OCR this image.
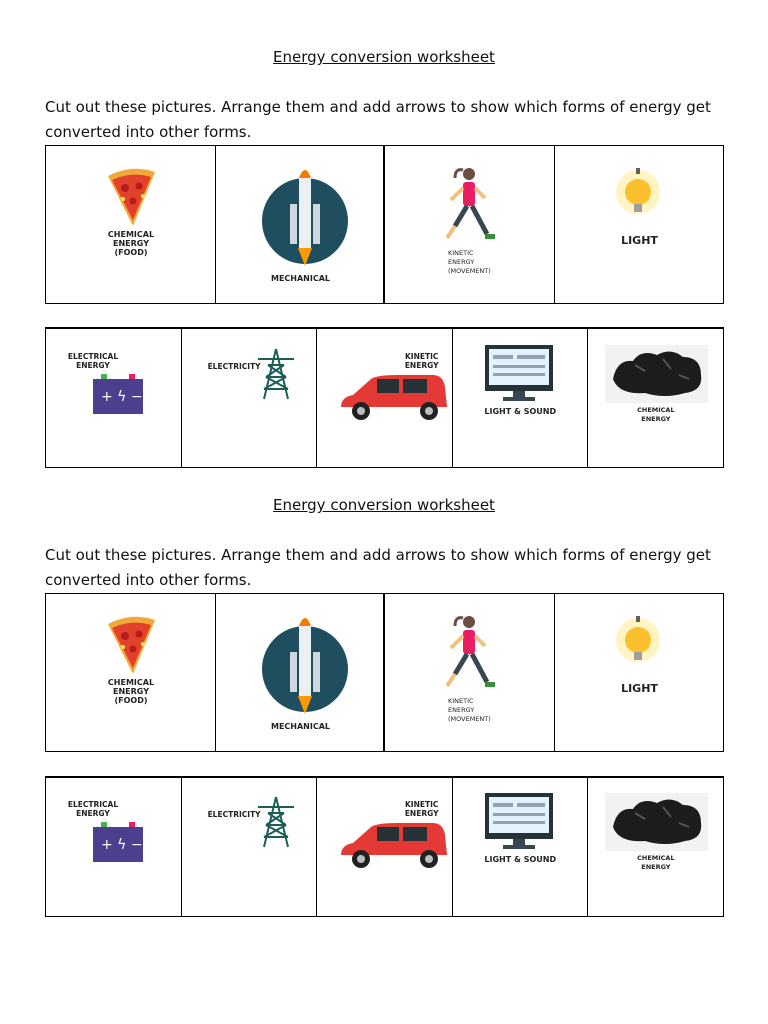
Energy conversion worksheet
Cut out these pictures. Arrange them and add arrows to show which forms of energy get converted into other forms.
CHEMICAL
ENERGY
(FOOD)
MECHANICAL
KINETIC
ENERGY
(MOVEMENT)
LIGHT
ELECTRICAL
ENERGY
+ ϟ −
ELECTRICITY
KINETIC
ENERGY
LIGHT & SOUND	CHEMICAL
ENERGY
Energy conversion worksheet
Cut out these pictures. Arrange them and add arrows to show which forms of energy get converted into other forms.
CHEMICAL
ENERGY
(FOOD)
MECHANICAL
KINETIC
ENERGY
(MOVEMENT)
LIGHT
ELECTRICAL
ENERGY
+ ϟ −
ELECTRICITY
KINETIC
ENERGY
LIGHT & SOUND	CHEMICAL
ENERGY
